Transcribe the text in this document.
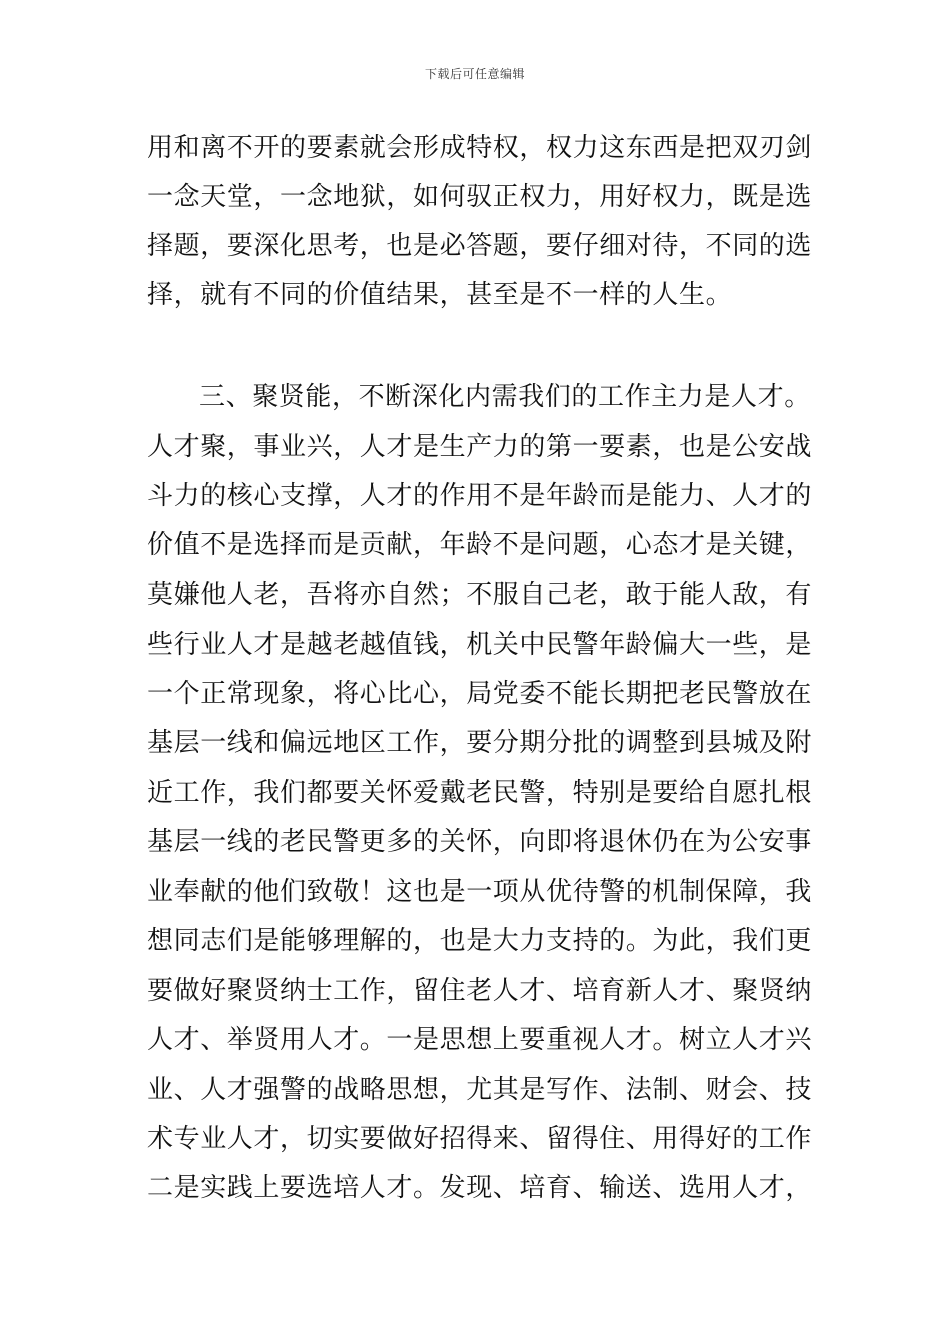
下载后可任意编辑
用和离不开的要素就会形成特权，权力这东西是把双刃剑
一念天堂，一念地狱，如何驭正权力，用好权力，既是选
择题，要深化思考，也是必答题，要仔细对待，不同的选
择，就有不同的价值结果，甚至是不一样的人生。
三、聚贤能，不断深化内需我们的工作主力是人才。
人才聚，事业兴，人才是生产力的第一要素，也是公安战
斗力的核心支撑，人才的作用不是年龄而是能力、人才的
价值不是选择而是贡献，年龄不是问题，心态才是关键，
莫嫌他人老，吾将亦自然；不服自己老，敢于能人敌，有
些行业人才是越老越值钱，机关中民警年龄偏大一些，是
一个正常现象，将心比心，局党委不能长期把老民警放在
基层一线和偏远地区工作，要分期分批的调整到县城及附
近工作，我们都要关怀爱戴老民警，特别是要给自愿扎根
基层一线的老民警更多的关怀，向即将退休仍在为公安事
业奉献的他们致敬！这也是一项从优待警的机制保障，我
想同志们是能够理解的，也是大力支持的。为此，我们更
要做好聚贤纳士工作，留住老人才、培育新人才、聚贤纳
人才、举贤用人才。一是思想上要重视人才。树立人才兴
业、人才强警的战略思想，尤其是写作、法制、财会、技
术专业人才，切实要做好招得来、留得住、用得好的工作
二是实践上要选培人才。发现、培育、输送、选用人才，
